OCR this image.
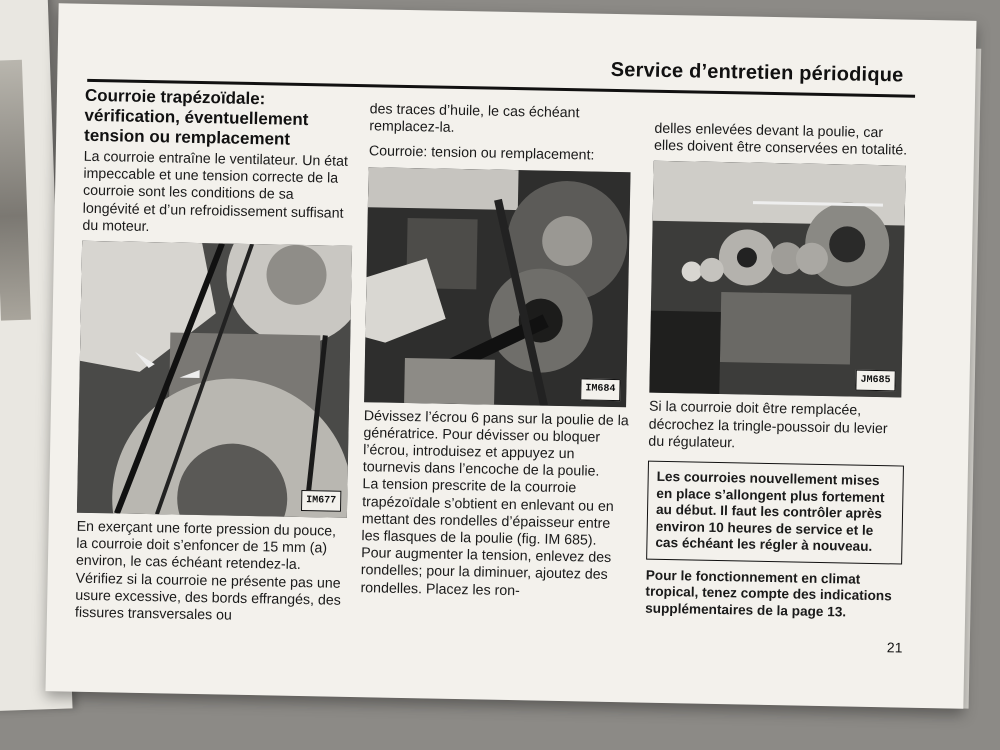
Service d’entretien périodique
Courroie trapézoïdale:
vérification, éventuellement
tension ou remplacement

La courroie entraîne le ventilateur. Un état impeccable et une tension correcte de la courroie sont les conditions de sa longévité et d’un refroidissement suffisant du moteur.

IM677

En exerçant une forte pression du pouce, la courroie doit s’enfoncer de 15 mm (a) environ, le cas échéant retendez-la.

Vérifiez si la courroie ne présente pas une usure excessive, des bords effrangés, des fissures transversales ou

des traces d’huile, le cas échéant remplacez-la.

Courroie: tension ou remplacement:

IM684

Dévissez l’écrou 6 pans sur la poulie de la génératrice. Pour dévisser ou bloquer l’écrou, introduisez et appuyez un tournevis dans l’encoche de la poulie.

La tension prescrite de la courroie trapézoïdale s’obtient en enlevant ou en mettant des rondelles d’épaisseur entre les flasques de la poulie (fig. IM 685). Pour augmenter la tension, enlevez des rondelles; pour la diminuer, ajoutez des rondelles. Placez les ron-

delles enlevées devant la poulie, car elles doivent être conservées en totalité.

JM685

Si la courroie doit être remplacée, décrochez la tringle-poussoir du levier du régulateur.

Les courroies nouvellement mises en place s’allongent plus fortement au début. Il faut les contrôler après environ 10 heures de service et le cas échéant les régler à nouveau.

Pour le fonctionnement en climat tropical, tenez compte des indications supplémentaires de la page 13.

21
